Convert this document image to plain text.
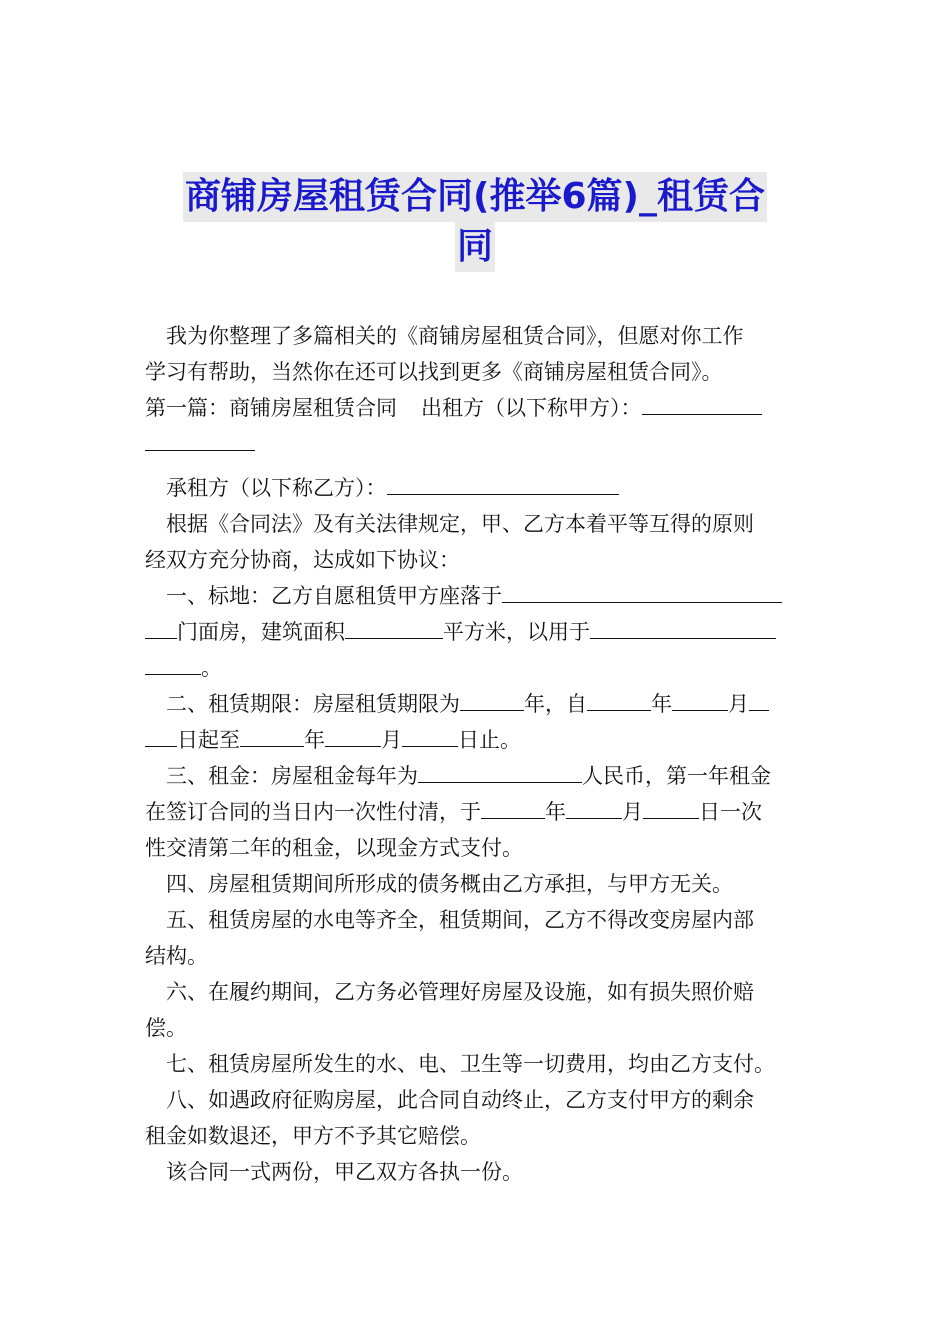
商铺房屋租赁合同(推举6篇)_租赁合
同

我为你整理了多篇相关的《商铺房屋租赁合同》，但愿对你工作

学习有帮助，当然你在还可以找到更多《商铺房屋租赁合同》。

第一篇：商铺房屋租赁合同 出租方（以下称甲方）：

承租方（以下称乙方）：

根据《合同法》及有关法律规定，甲、乙方本着平等互得的原则

经双方充分协商，达成如下协议：

一、标地：乙方自愿租赁甲方座落于

门面房，建筑面积	平方米，以用于

。

二、租赁期限：房屋租赁期限为	年，自	年	月

日起至	年	月	日止。

三、租金：房屋租金每年为	人民币，第一年租金

在签订合同的当日内一次性付清，于	年	月	日一次

性交清第二年的租金，以现金方式支付。

四、房屋租赁期间所形成的债务概由乙方承担，与甲方无关。

五、租赁房屋的水电等齐全，租赁期间，乙方不得改变房屋内部

结构。

六、在履约期间，乙方务必管理好房屋及设施，如有损失照价赔

偿。

七、租赁房屋所发生的水、电、卫生等一切费用，均由乙方支付。

八、如遇政府征购房屋，此合同自动终止，乙方支付甲方的剩余

租金如数退还，甲方不予其它赔偿。

该合同一式两份，甲乙双方各执一份。
